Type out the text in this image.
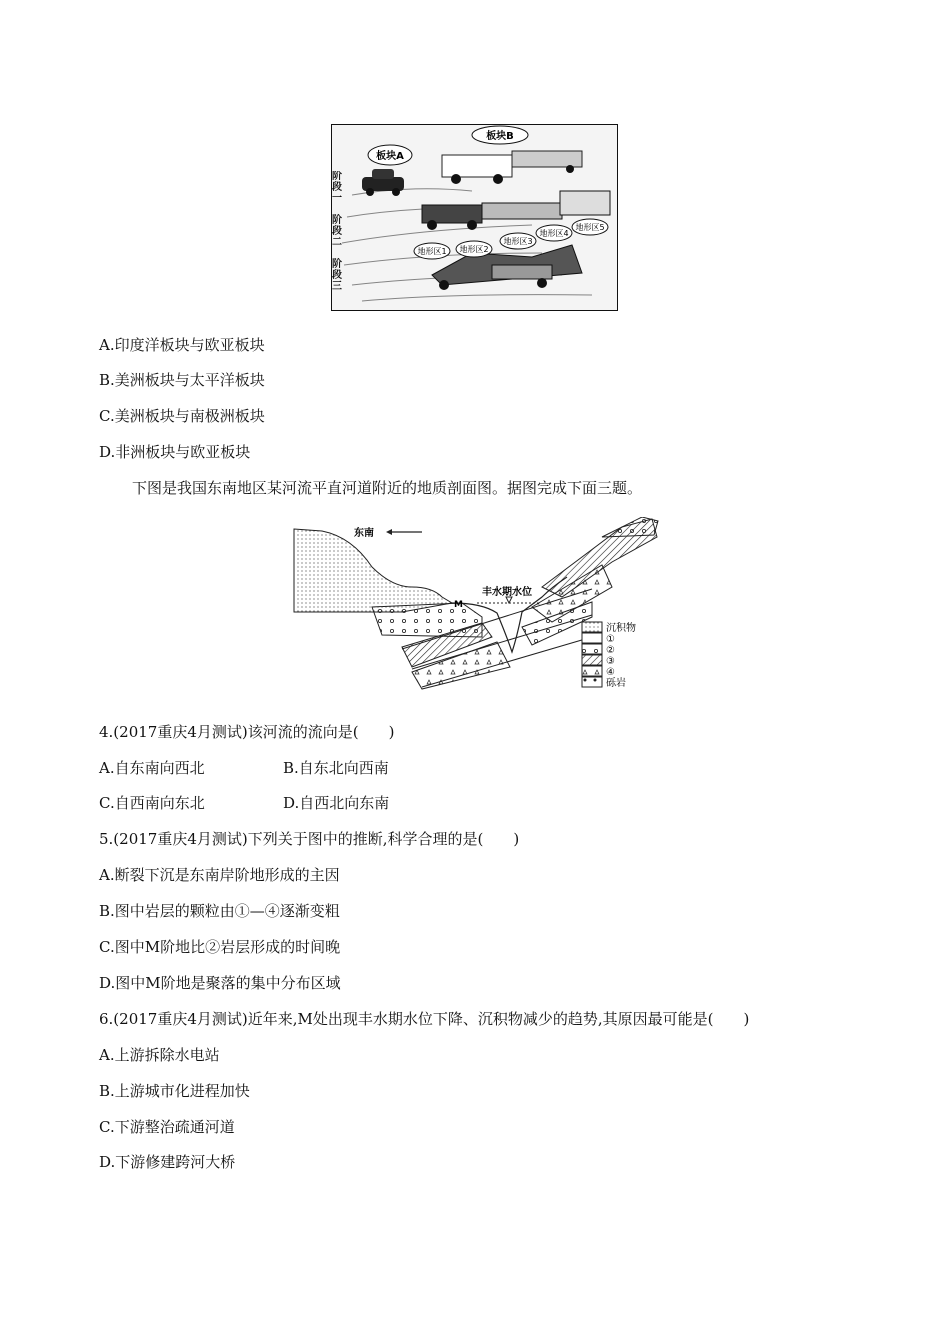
板块A
板块B
地形区1 地形区2
地形区3
地形区4
地形区5
阶段一
阶段二
阶段三
A.印度洋板块与欧亚板块
B.美洲板块与太平洋板块
C.美洲板块与南极洲板块
D.非洲板块与欧亚板块
下图是我国东南地区某河流平直河道附近的地质剖面图。据图完成下面三题。
东南
M
丰水期水位
沉积物
①
②
③
④
砾岩
4.(2017重庆4月测试)该河流的流向是(　　)
A.自东南向西北	B.自东北向西南
C.自西南向东北	D.自西北向东南
5.(2017重庆4月测试)下列关于图中的推断,科学合理的是(　　)
A.断裂下沉是东南岸阶地形成的主因
B.图中岩层的颗粒由①—④逐渐变粗
C.图中M阶地比②岩层形成的时间晚
D.图中M阶地是聚落的集中分布区域
6.(2017重庆4月测试)近年来,M处出现丰水期水位下降、沉积物减少的趋势,其原因最可能是(　　)
A.上游拆除水电站
B.上游城市化进程加快
C.下游整治疏通河道
D.下游修建跨河大桥
